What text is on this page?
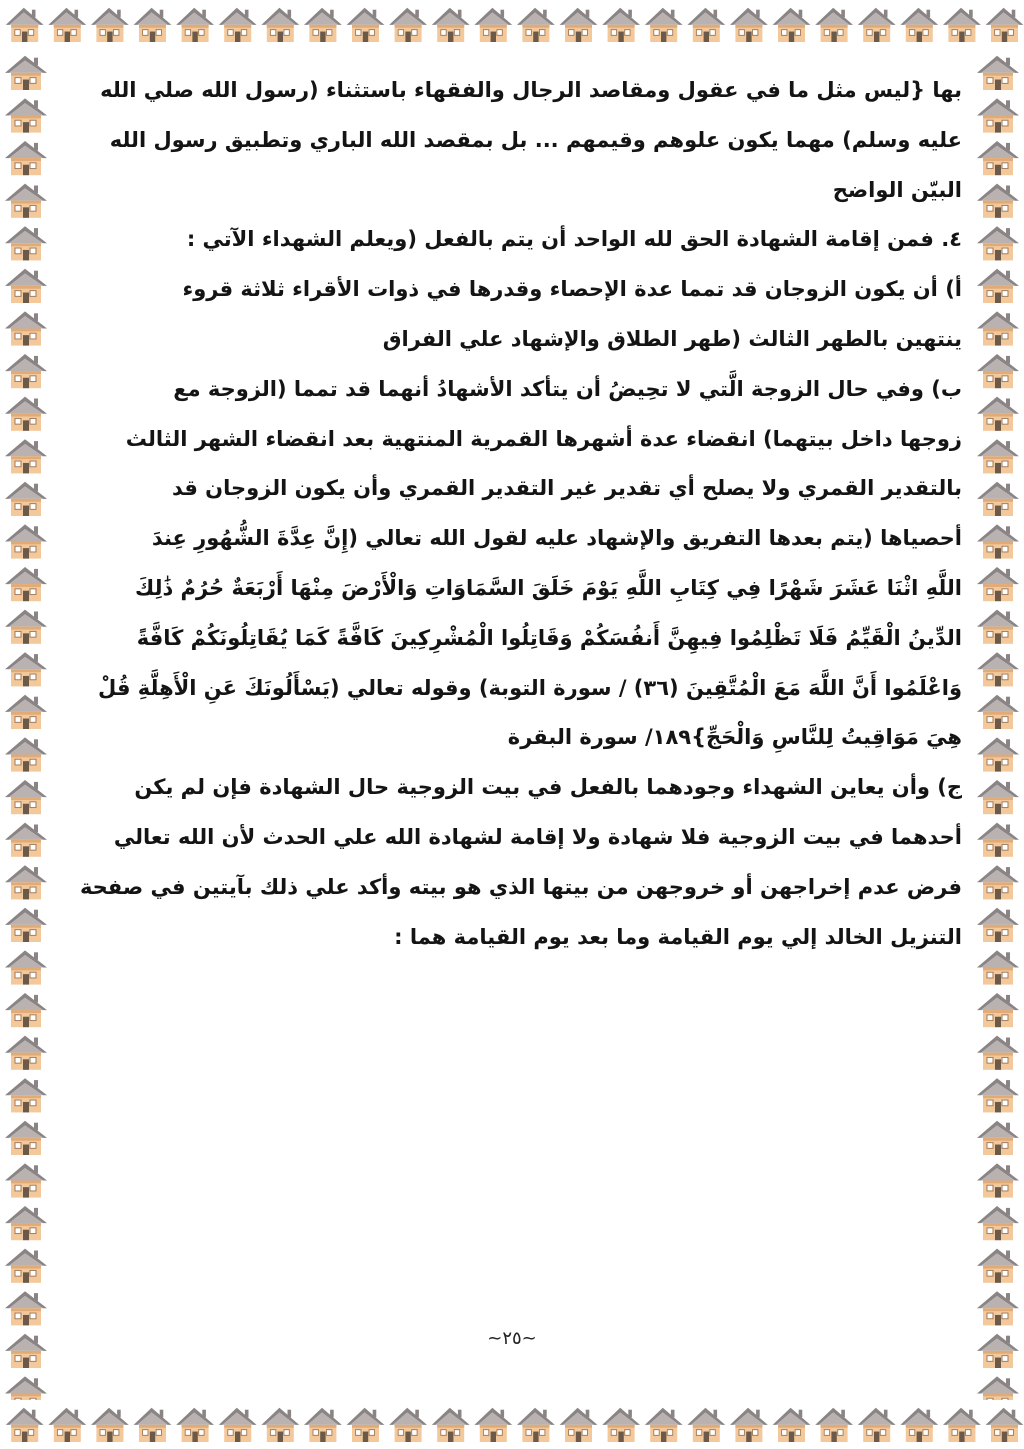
بها {ليس مثل ما في عقول ومقاصد الرجال والفقهاء باستثناء (رسول الله صلي الله
عليه وسلم) مهما يكون علوهم وقيمهم ... بل بمقصد الله الباري وتطبيق رسول الله
البيّن الواضح
٤. فمن إقامة الشهادة الحق لله الواحد أن يتم بالفعل (ويعلم الشهداء الآتي :
أ) أن يكون الزوجان قد تمما عدة الإحصاء وقدرها في ذوات الأقراء ثلاثة قروء
ينتهين بالطهر الثالث (طهر الطلاق والإشهاد علي الفراق
ب) وفي حال الزوجة الَّتي لا تحِيضُ أن يتأكد الأشهادُ أنهما قد تمما (الزوجة مع
زوجها داخل بيتهما) انقضاء عدة أشهرها القمرية المنتهية بعد انقضاء الشهر الثالث
بالتقدير القمري ولا يصلح أي تقدير غير التقدير القمري وأن يكون الزوجان قد
أحصياها (يتم بعدها التفريق والإشهاد عليه لقول الله تعالي (إِنَّ عِدَّةَ الشُّهُورِ عِندَ
اللَّهِ اثْنَا عَشَرَ شَهْرًا فِي كِتَابِ اللَّهِ يَوْمَ خَلَقَ السَّمَاوَاتِ وَالْأَرْضَ مِنْهَا أَرْبَعَةٌ حُرُمٌ ذَٰلِكَ
الدِّينُ الْقَيِّمُ فَلَا تَظْلِمُوا فِيهِنَّ أَنفُسَكُمْ وَقَاتِلُوا الْمُشْرِكِينَ كَافَّةً كَمَا يُقَاتِلُونَكُمْ كَافَّةً
وَاعْلَمُوا أَنَّ اللَّهَ مَعَ الْمُتَّقِينَ (٣٦) / سورة التوبة) وقوله تعالي (يَسْأَلُونَكَ عَنِ الْأَهِلَّةِ قُلْ
هِيَ مَوَاقِيتُ لِلنَّاسِ وَالْحَجِّ}١٨٩/ سورة البقرة
ج) وأن يعاين الشهداء وجودهما بالفعل في بيت الزوجية حال الشهادة فإن لم يكن
أحدهما في بيت الزوجية فلا شهادة ولا إقامة لشهادة الله علي الحدث لأن الله تعالي
فرض عدم إخراجهن أو خروجهن من بيتها الذي هو بيته وأكد علي ذلك بآيتين في صفحة
التنزيل الخالد إلي يوم القيامة وما بعد يوم القيامة هما :
~٢٥~
